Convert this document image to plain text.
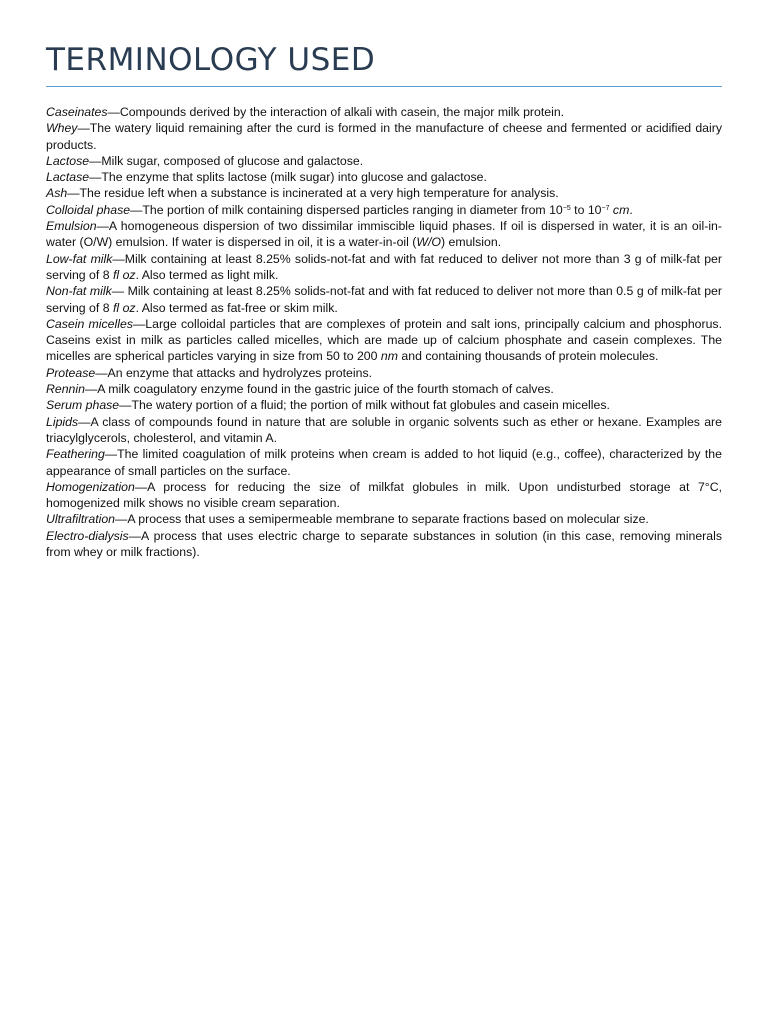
TERMINOLOGY USED

Caseinates—Compounds derived by the interaction of alkali with casein, the major milk protein.

Whey—The watery liquid remaining after the curd is formed in the manufacture of cheese and fermented or acidified dairy products.

Lactose—Milk sugar, composed of glucose and galactose.

Lactase—The enzyme that splits lactose (milk sugar) into glucose and galactose.

Ash—The residue left when a substance is incinerated at a very high temperature for analysis.

Colloidal phase—The portion of milk containing dispersed particles ranging in diameter from $10^{-5}$ to $10^{-7}$ cm.

Emulsion—A homogeneous dispersion of two dissimilar immiscible liquid phases. If oil is dispersed in water, it is an oil-in-water (O/W) emulsion. If water is dispersed in oil, it is a water-in-oil (W/O) emulsion.

Low-fat milk—Milk containing at least 8.25% solids-not-fat and with fat reduced to deliver not more than 3 g of milk-fat per serving of 8 fl oz. Also termed as light milk.

Non-fat milk— Milk containing at least 8.25% solids-not-fat and with fat reduced to deliver not more than 0.5 g of milk-fat per serving of 8 fl oz. Also termed as fat-free or skim milk.

Casein micelles—Large colloidal particles that are complexes of protein and salt ions, principally calcium and phosphorus. Caseins exist in milk as particles called micelles, which are made up of calcium phosphate and casein complexes. The micelles are spherical particles varying in size from 50 to 200 nm and containing thousands of protein molecules.

Protease—An enzyme that attacks and hydrolyzes proteins.

Rennin—A milk coagulatory enzyme found in the gastric juice of the fourth stomach of calves.

Serum phase—The watery portion of a fluid; the portion of milk without fat globules and casein micelles.

Lipids—A class of compounds found in nature that are soluble in organic solvents such as ether or hexane. Examples are triacylglycerols, cholesterol, and vitamin A.

Feathering—The limited coagulation of milk proteins when cream is added to hot liquid (e.g., coffee), characterized by the appearance of small particles on the surface.

Homogenization—A process for reducing the size of milkfat globules in milk. Upon undisturbed storage at 7°C, homogenized milk shows no visible cream separation.

Ultrafiltration—A process that uses a semipermeable membrane to separate fractions based on molecular size.

Electro-dialysis—A process that uses electric charge to separate substances in solution (in this case, removing minerals from whey or milk fractions).
